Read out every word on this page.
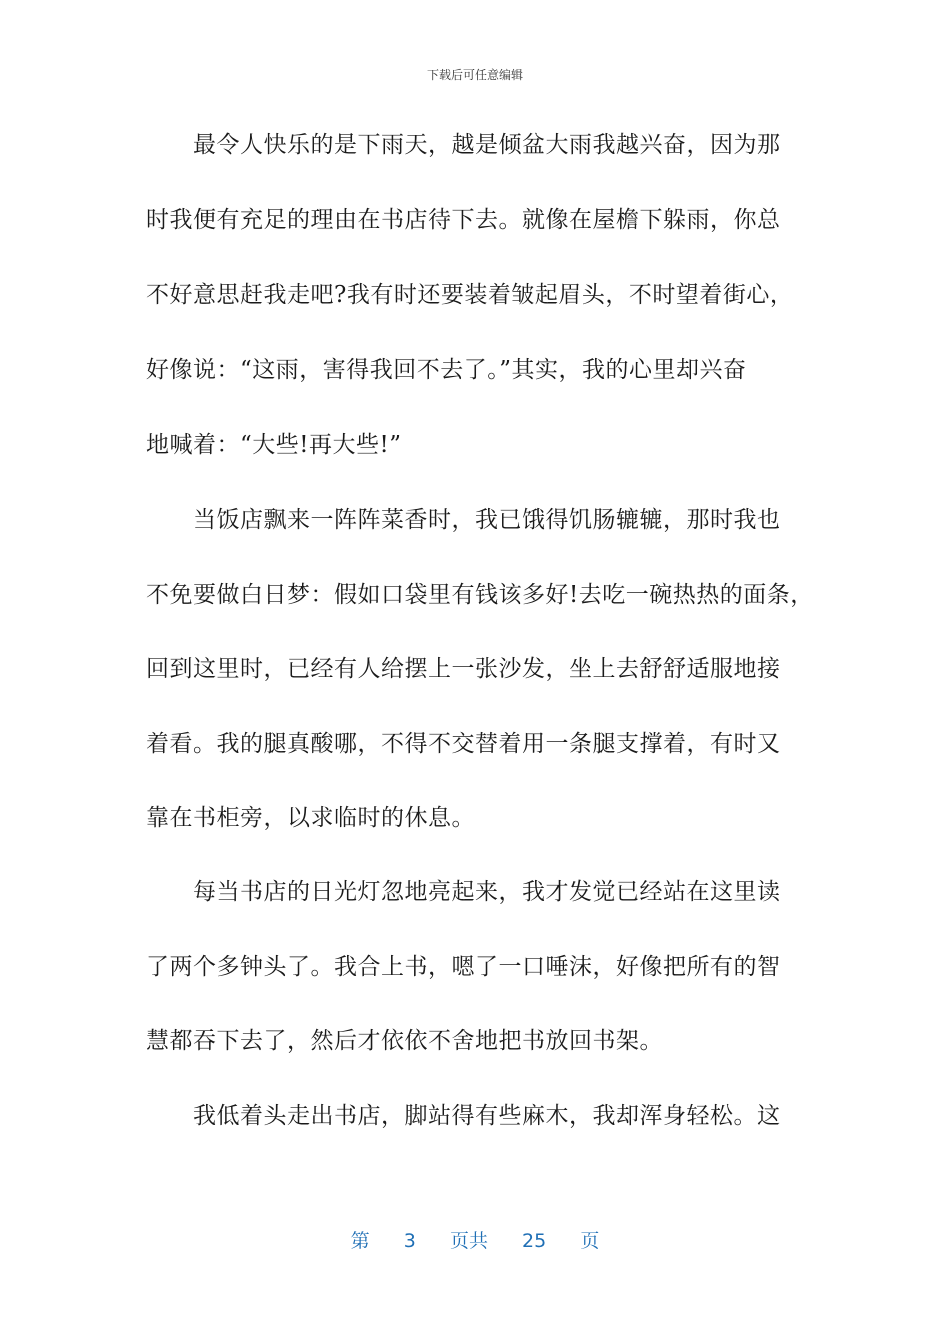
下载后可任意编辑
最令人快乐的是下雨天，越是倾盆大雨我越兴奋，因为那
时我便有充足的理由在书店待下去。就像在屋檐下躲雨，你总
不好意思赶我走吧?我有时还要装着皱起眉头，不时望着街心，
好像说：“这雨，害得我回不去了。”其实，我的心里却兴奋
地喊着：“大些!再大些!”
当饭店飘来一阵阵菜香时，我已饿得饥肠辘辘，那时我也
不免要做白日梦：假如口袋里有钱该多好!去吃一碗热热的面条，
回到这里时，已经有人给摆上一张沙发，坐上去舒舒适服地接
着看。我的腿真酸哪，不得不交替着用一条腿支撑着，有时又
靠在书柜旁，以求临时的休息。
每当书店的日光灯忽地亮起来，我才发觉已经站在这里读
了两个多钟头了。我合上书，嗯了一口唾沫，好像把所有的智
慧都吞下去了，然后才依依不舍地把书放回书架。
我低着头走出书店，脚站得有些麻木，我却浑身轻松。这
第 3 页共 25 页
